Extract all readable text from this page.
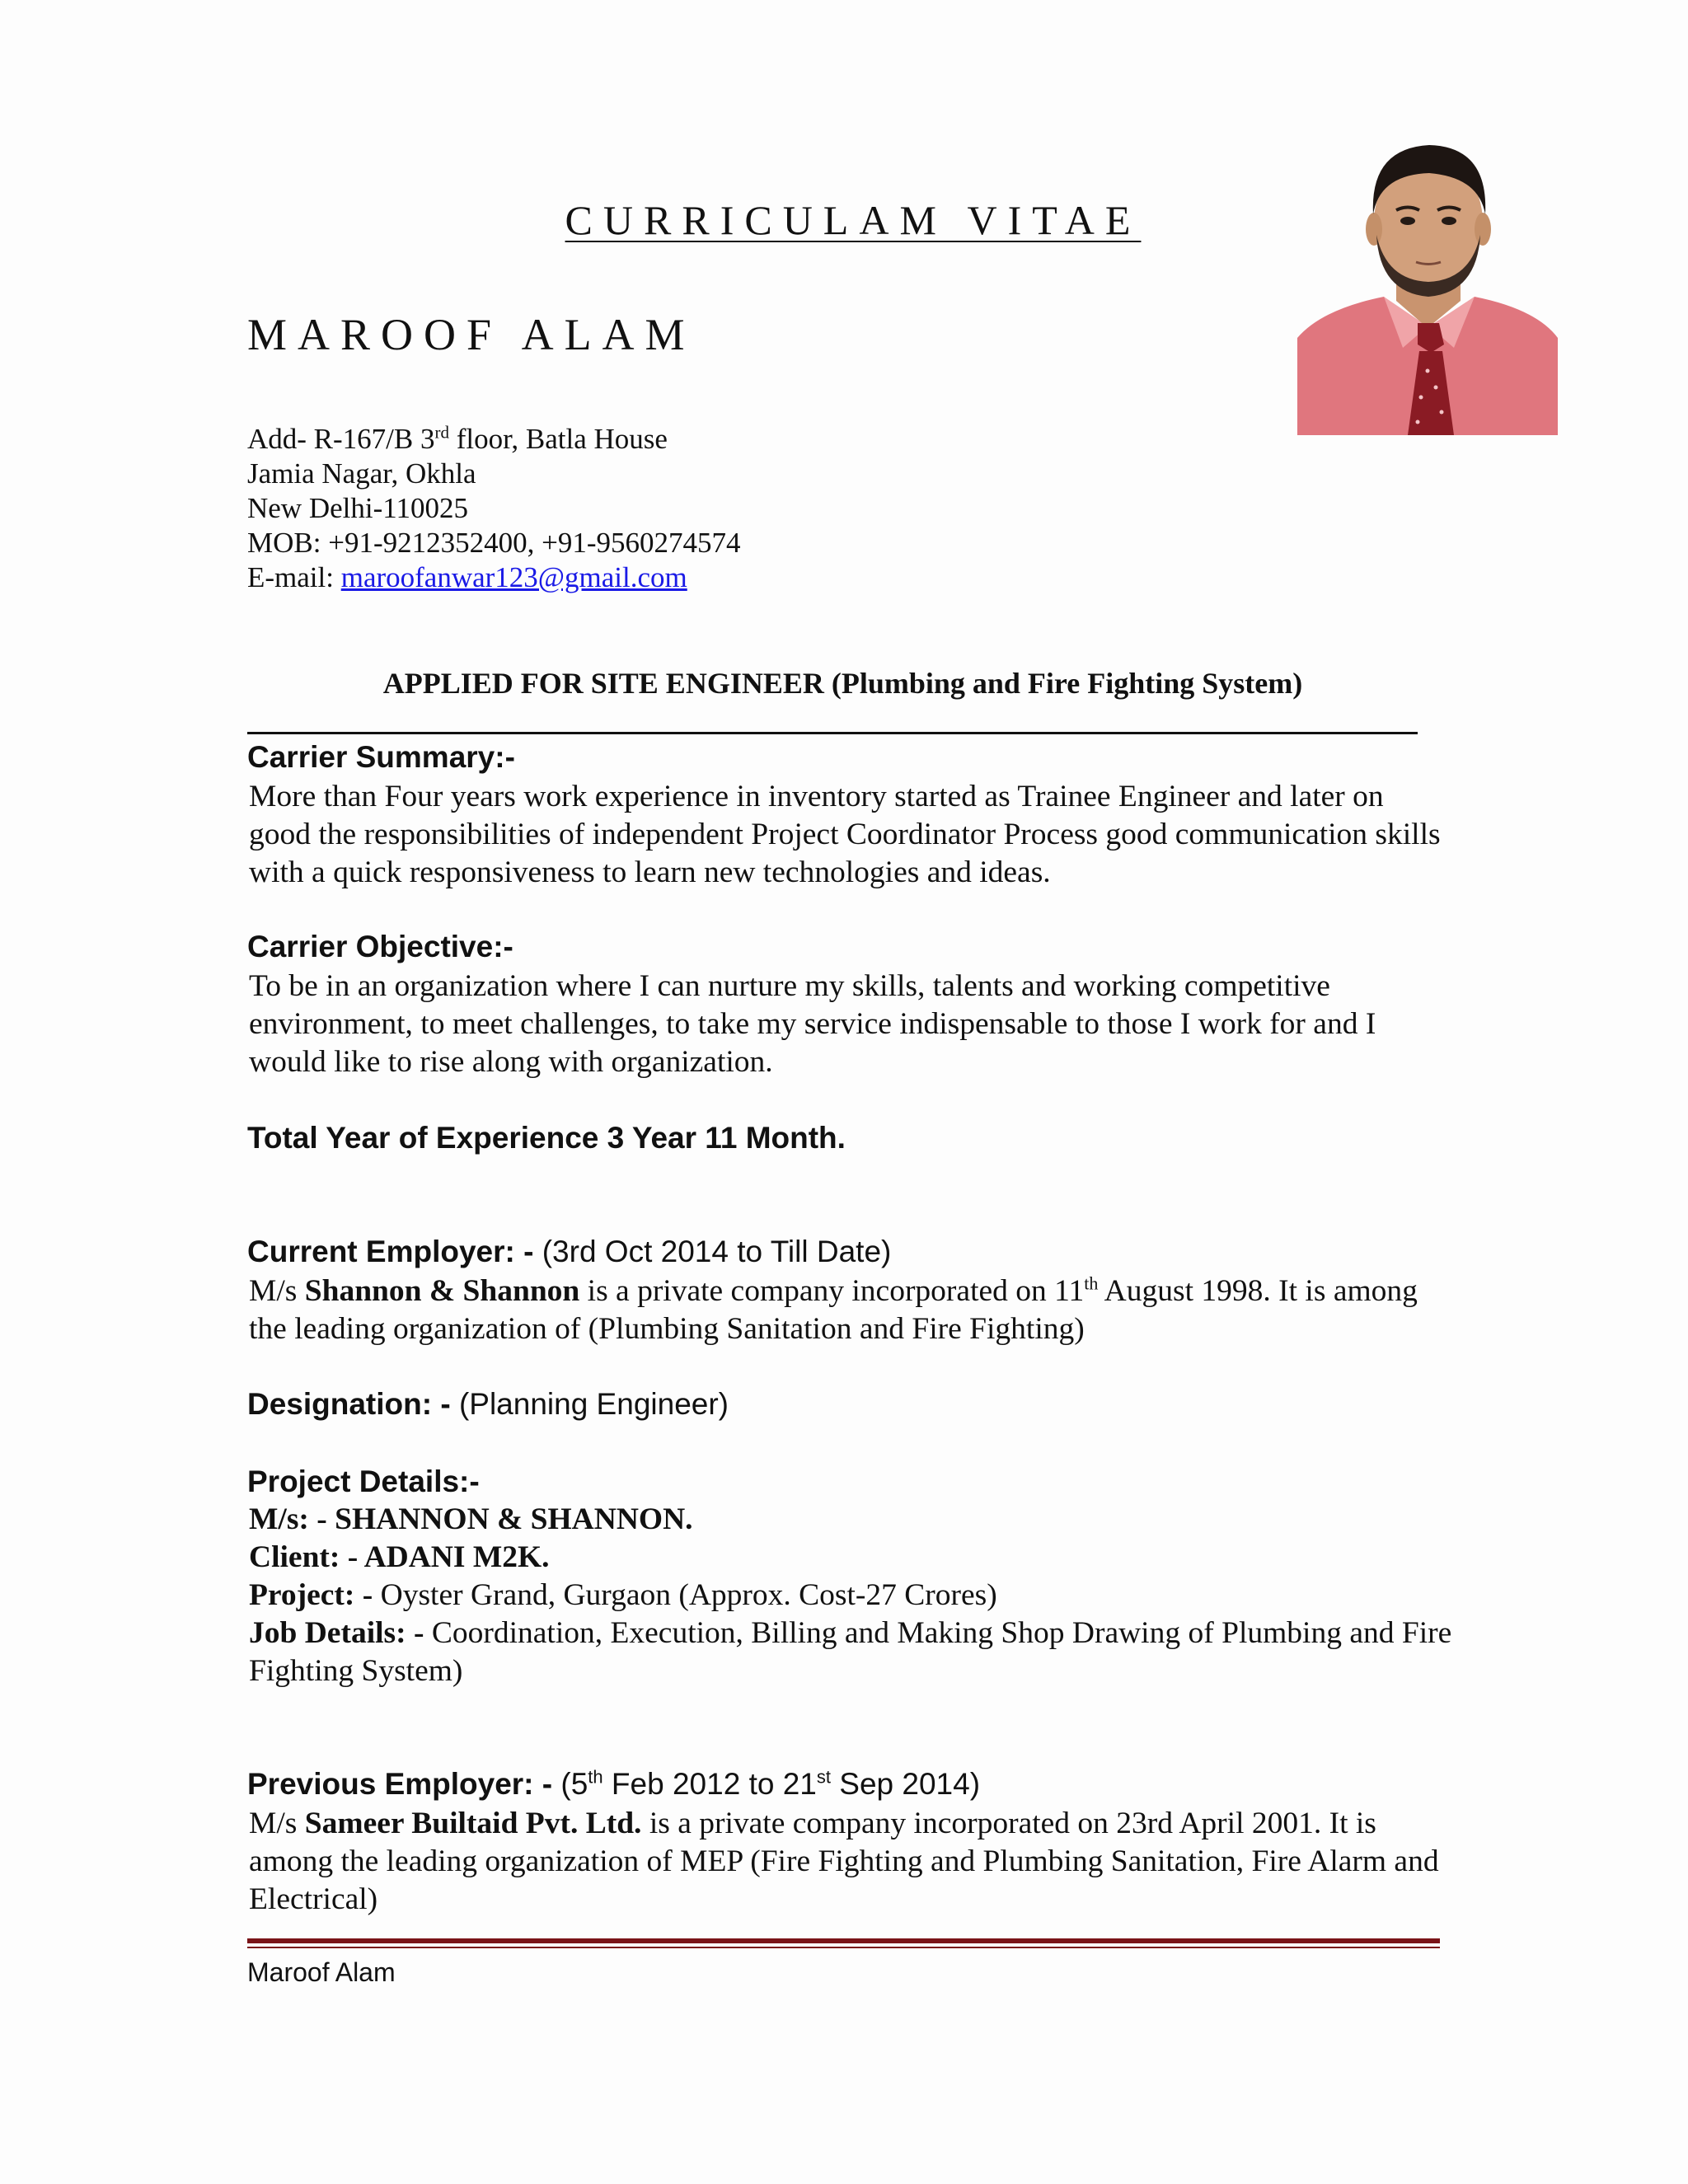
CURRICULAM VITAE
MAROOF ALAM
Add- R-167/B 3rd floor, Batla House
Jamia Nagar, Okhla
New Delhi-110025
MOB: +91-9212352400, +91-9560274574
E-mail: maroofanwar123@gmail.com
APPLIED FOR SITE ENGINEER (Plumbing and Fire Fighting System)
Carrier Summary:-
More than Four years work experience in inventory started as Trainee Engineer and later on good the responsibilities of independent Project Coordinator Process good communication skills with a quick responsiveness to learn new technologies and ideas.
Carrier Objective:-
To be in an organization where I can nurture my skills, talents and working competitive environment, to meet challenges, to take my service indispensable to those I work for and I would like to rise along with organization.
Total Year of Experience 3 Year 11 Month.
Current Employer: - (3rd Oct 2014 to Till Date)
M/s Shannon & Shannon is a private company incorporated on 11th August 1998. It is among the leading organization of (Plumbing Sanitation and Fire Fighting)
Designation: - (Planning Engineer)
Project Details:-
M/s: - SHANNON & SHANNON.
Client: - ADANI M2K.
Project: - Oyster Grand, Gurgaon (Approx. Cost-27 Crores)
Job Details: - Coordination, Execution, Billing and Making Shop Drawing of Plumbing and Fire Fighting System)
Previous Employer: - (5th Feb 2012 to 21st Sep 2014)
M/s Sameer Builtaid Pvt. Ltd. is a private company incorporated on 23rd April 2001. It is among the leading organization of MEP (Fire Fighting and Plumbing Sanitation, Fire Alarm and Electrical)
Maroof Alam
